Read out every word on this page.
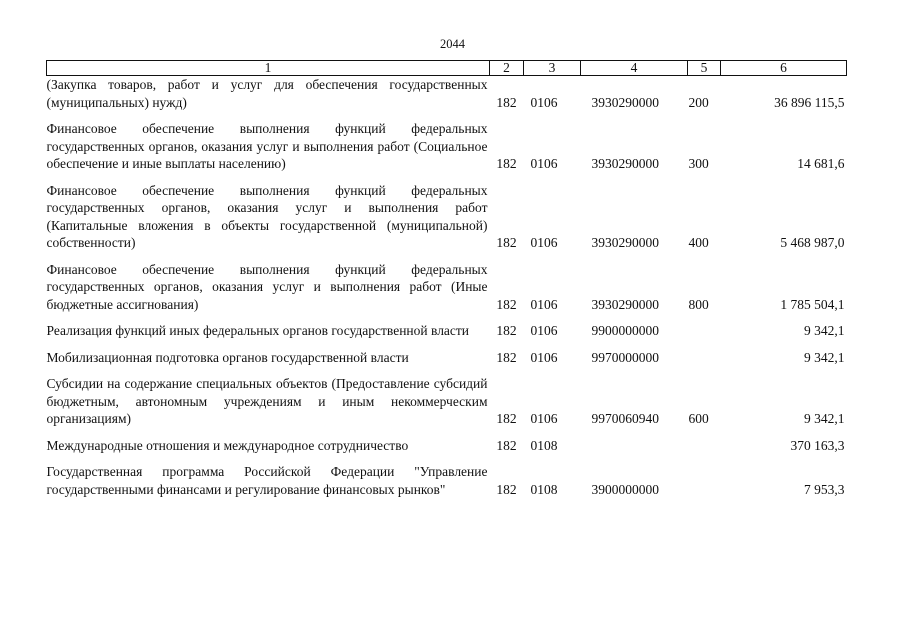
2044
1	2	3	4	5	6
(Закупка товаров, работ и услуг для обеспечения государственных (муниципальных) нужд)	182	0106	3930290000	200	36 896 115,5

Финансовое обеспечение выполнения функций федеральных государственных органов, оказания услуг и выполнения работ (Социальное обеспечение и иные выплаты населению)	182	0106	3930290000	300	14 681,6

Финансовое обеспечение выполнения функций федеральных государственных органов, оказания услуг и выполнения работ (Капитальные вложения в объекты государственной (муниципальной) собственности)	182	0106	3930290000	400	5 468 987,0

Финансовое обеспечение выполнения функций федеральных государственных органов, оказания услуг и выполнения работ (Иные бюджетные ассигнования)	182	0106	3930290000	800	1 785 504,1

Реализация функций иных федеральных органов государственной власти	182	0106	9900000000		9 342,1

Мобилизационная подготовка органов государственной власти	182	0106	9970000000		9 342,1

Субсидии на содержание специальных объектов (Предоставление субсидий бюджетным, автономным учреждениям и иным некоммерческим организациям)	182	0106	9970060940	600	9 342,1

Международные отношения и международное сотрудничество	182	0108			370 163,3

Государственная программа Российской Федерации "Управление государственными финансами и регулирование финансовых рынков"	182	0108	3900000000		7 953,3
